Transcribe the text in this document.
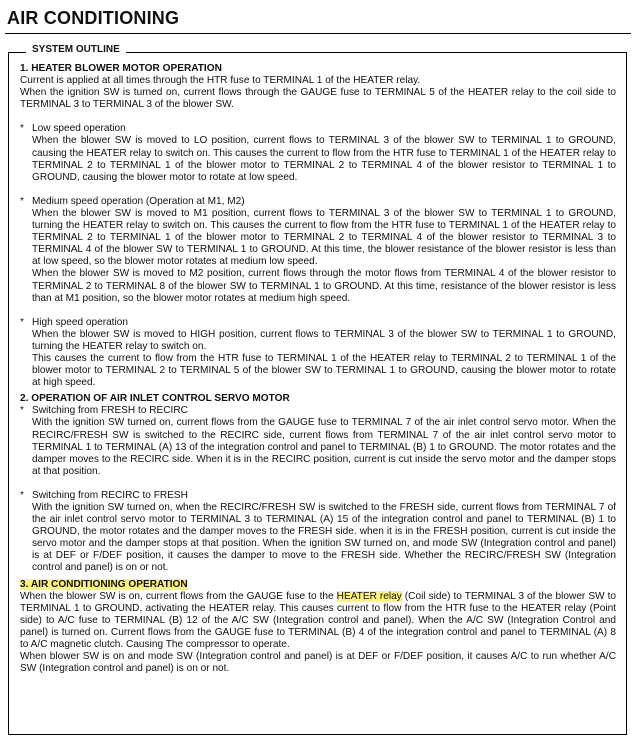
AIR CONDITIONING
SYSTEM OUTLINE
1. HEATER BLOWER MOTOR OPERATION

Current is applied at all times through the HTR fuse to TERMINAL 1 of the HEATER relay.

When the ignition SW is turned on, current flows through the GAUGE fuse to TERMINAL 5 of the HEATER relay to the coil side to TERMINAL 3 to TERMINAL 3 of the blower SW.

* Low speed operation

When the blower SW is moved to LO position, current flows to TERMINAL 3 of the blower SW to TERMINAL 1 to GROUND, causing the HEATER relay to switch on. This causes the current to flow from the HTR fuse to TERMINAL 1 of the HEATER relay to TERMINAL 2 to TERMINAL 1 of the blower motor to TERMINAL 2 to TERMINAL 4 of the blower resistor to TERMINAL 1 to GROUND, causing the blower motor to rotate at low speed.

* Medium speed operation (Operation at M1, M2)

When the blower SW is moved to M1 position, current flows to TERMINAL 3 of the blower SW to TERMINAL 1 to GROUND, turning the HEATER relay to switch on. This causes the current to flow from the HTR fuse to TERMINAL 1 of the HEATER relay to TERMINAL 2 to TERMINAL 1 of the blower motor to TERMINAL 2 to TERMINAL 4 of the blower resistor to TERMINAL 3 to TERMINAL 4 of the blower SW to TERMINAL 1 to GROUND. At this time, the blower resistance of the blower resistor is less than at low speed, so the blower motor rotates at medium low speed.

When the blower SW is moved to M2 position, current flows through the motor flows from TERMINAL 4 of the blower resistor to TERMINAL 2 to TERMINAL 8 of the blower SW to TERMINAL 1 to GROUND. At this time, resistance of the blower resistor is less than at M1 position, so the blower motor rotates at medium high speed.

* High speed operation

When the blower SW is moved to HIGH position, current flows to TERMINAL 3 of the blower SW to TERMINAL 1 to GROUND, turning the HEATER relay to switch on.

This causes the current to flow from the HTR fuse to TERMINAL 1 of the HEATER relay to TERMINAL 2 to TERMINAL 1 of the blower motor to TERMINAL 2 to TERMINAL 5 of the blower SW to TERMINAL 1 to GROUND, causing the blower motor to rotate at high speed.

2. OPERATION OF AIR INLET CONTROL SERVO MOTOR
* Switching from FRESH to RECIRC

With the ignition SW turned on, current flows from the GAUGE fuse to TERMINAL 7 of the air inlet control servo motor. When the RECIRC/FRESH SW is switched to the RECIRC side, current flows from TERMINAL 7 of the air inlet control servo motor to TERMINAL 1 to TERMINAL (A) 13 of the integration control and panel to TERMINAL (B) 1 to GROUND. The motor rotates and the damper moves to the RECIRC side. When it is in the RECIRC position, current is cut inside the servo motor and the damper stops at that position.

* Switching from RECIRC to FRESH

With the ignition SW turned on, when the RECIRC/FRESH SW is switched to the FRESH side, current flows from TERMINAL 7 of the air inlet control servo motor to TERMINAL 3 to TERMINAL (A) 15 of the integration control and panel to TERMINAL (B) 1 to GROUND, the motor rotates and the damper moves to the FRESH side. when it is in the FRESH position, current is cut inside the servo motor and the damper stops at that position. When the ignition SW turned on, and mode SW (Integration control and panel) is at DEF or F/DEF position, it causes the damper to move to the FRESH side. Whether the RECIRC/FRESH SW (Integration control and panel) is on or not.

3. AIR CONDITIONING OPERATION

When the blower SW is on, current flows from the GAUGE fuse to the HEATER relay (Coil side) to TERMINAL 3 of the blower SW to TERMINAL 1 to GROUND, activating the HEATER relay. This causes current to flow from the HTR fuse to the HEATER relay (Point side) to A/C fuse to TERMINAL (B) 12 of the A/C SW (Integration control and panel). When the A/C SW (Integration Control and panel) is turned on. Current flows from the GAUGE fuse to TERMINAL (B) 4 of the integration control and panel to TERMINAL (A) 8 to A/C magnetic clutch. Causing The compressor to operate.

When blower SW is on and mode SW (Integration control and panel) is at DEF or F/DEF position, it causes A/C to run whether A/C SW (Integration control and panel) is on or not.
